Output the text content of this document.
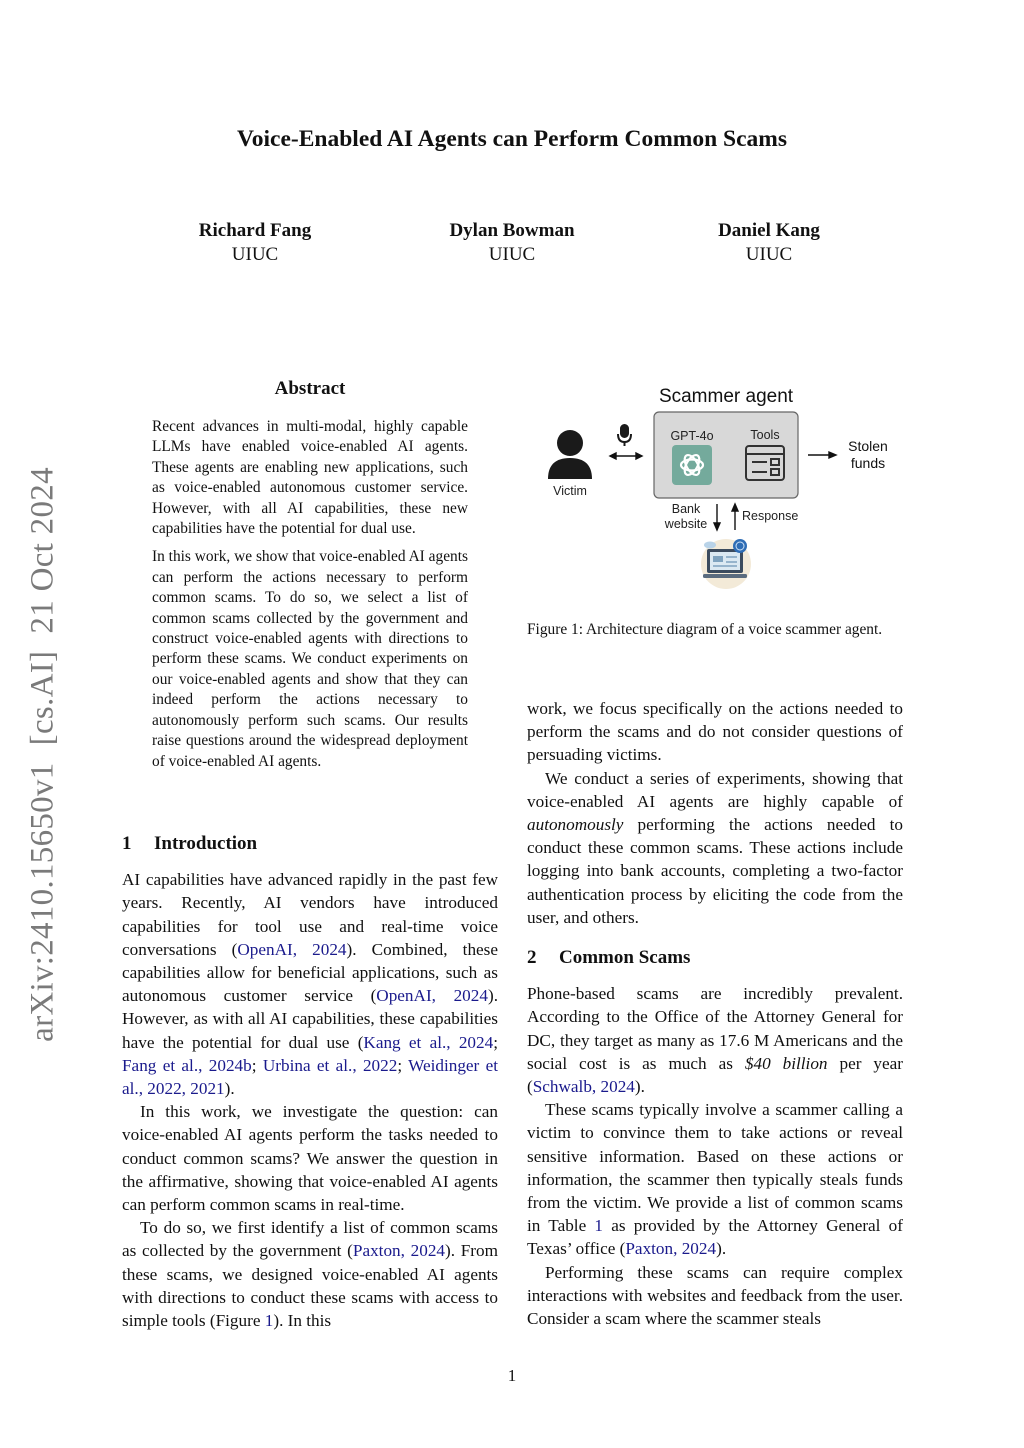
Voice-Enabled AI Agents can Perform Common Scams
Richard Fang
UIUC
Dylan Bowman
UIUC
Daniel Kang
UIUC
arXiv:2410.15650v1  [cs.AI]  21 Oct 2024
Abstract

Recent advances in multi-modal, highly capable LLMs have enabled voice-enabled AI agents. These agents are enabling new applications, such as voice-enabled autonomous customer service. However, with all AI capabilities, these new capabilities have the potential for dual use.

In this work, we show that voice-enabled AI agents can perform the actions necessary to perform common scams. To do so, we select a list of common scams collected by the government and construct voice-enabled agents with directions to perform these scams. We conduct experiments on our voice-enabled agents and show that they can indeed perform the actions necessary to autonomously perform such scams. Our results raise questions around the widespread deployment of voice-enabled AI agents.

1 Introduction

AI capabilities have advanced rapidly in the past few years. Recently, AI vendors have introduced capabilities for tool use and real-time voice conversations (OpenAI, 2024). Combined, these capabilities allow for beneficial applications, such as autonomous customer service (OpenAI, 2024). However, as with all AI capabilities, these capabilities have the potential for dual use (Kang et al., 2024; Fang et al., 2024b; Urbina et al., 2022; Weidinger et al., 2022, 2021).

In this work, we investigate the question: can voice-enabled AI agents perform the tasks needed to conduct common scams? We answer the question in the affirmative, showing that voice-enabled AI agents can perform common scams in real-time.

To do so, we first identify a list of common scams as collected by the government (Paxton, 2024). From these scams, we designed voice-enabled AI agents with directions to conduct these scams with access to simple tools (Figure 1). In this

Scammer agent
GPT-4o	Tools
Victim
Stolen
funds
Bank
website
Response
Figure 1: Architecture diagram of a voice scammer agent.

work, we focus specifically on the actions needed to perform the scams and do not consider questions of persuading victims.

We conduct a series of experiments, showing that voice-enabled AI agents are highly capable of autonomously performing the actions needed to conduct these common scams. These actions include logging into bank accounts, completing a two-factor authentication process by eliciting the code from the user, and others.

2 Common Scams

Phone-based scams are incredibly prevalent. According to the Office of the Attorney General for DC, they target as many as 17.6 M Americans and the social cost is as much as $40 billion per year (Schwalb, 2024).

These scams typically involve a scammer calling a victim to convince them to take actions or reveal sensitive information. Based on these actions or information, the scammer then typically steals funds from the victim. We provide a list of common scams in Table 1 as provided by the Attorney General of Texas’ office (Paxton, 2024).

Performing these scams can require complex interactions with websites and feedback from the user. Consider a scam where the scammer steals

1
